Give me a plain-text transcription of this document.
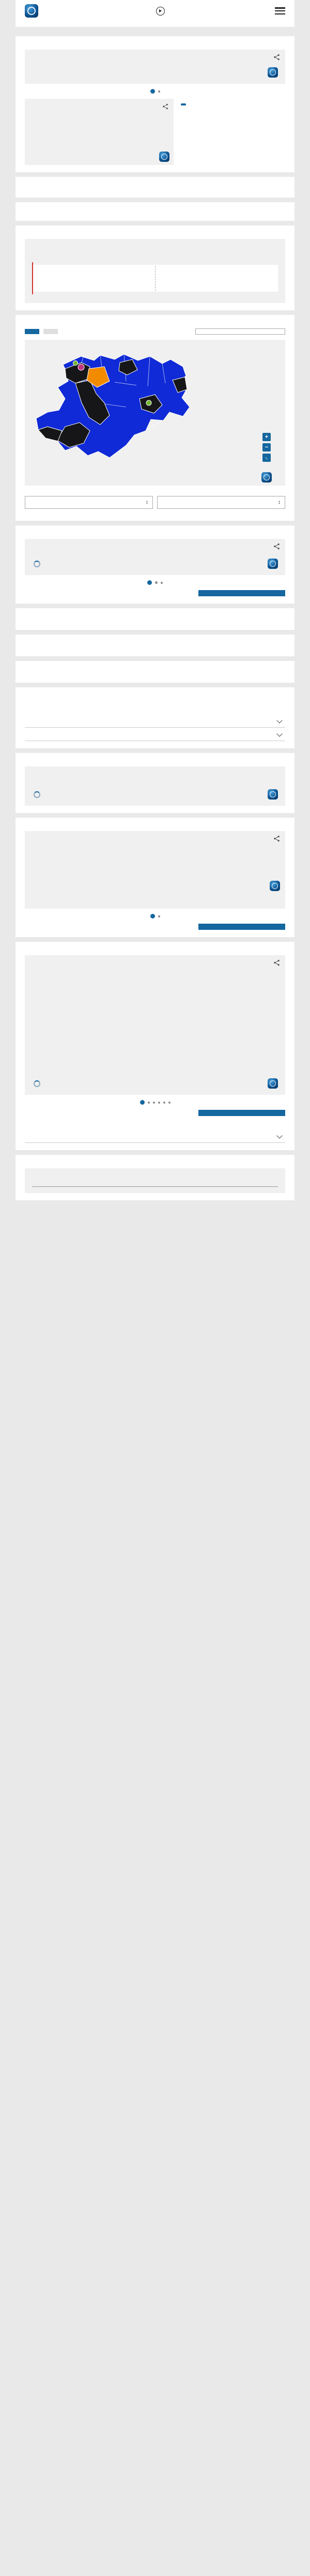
+
−
↔
↕	↕
